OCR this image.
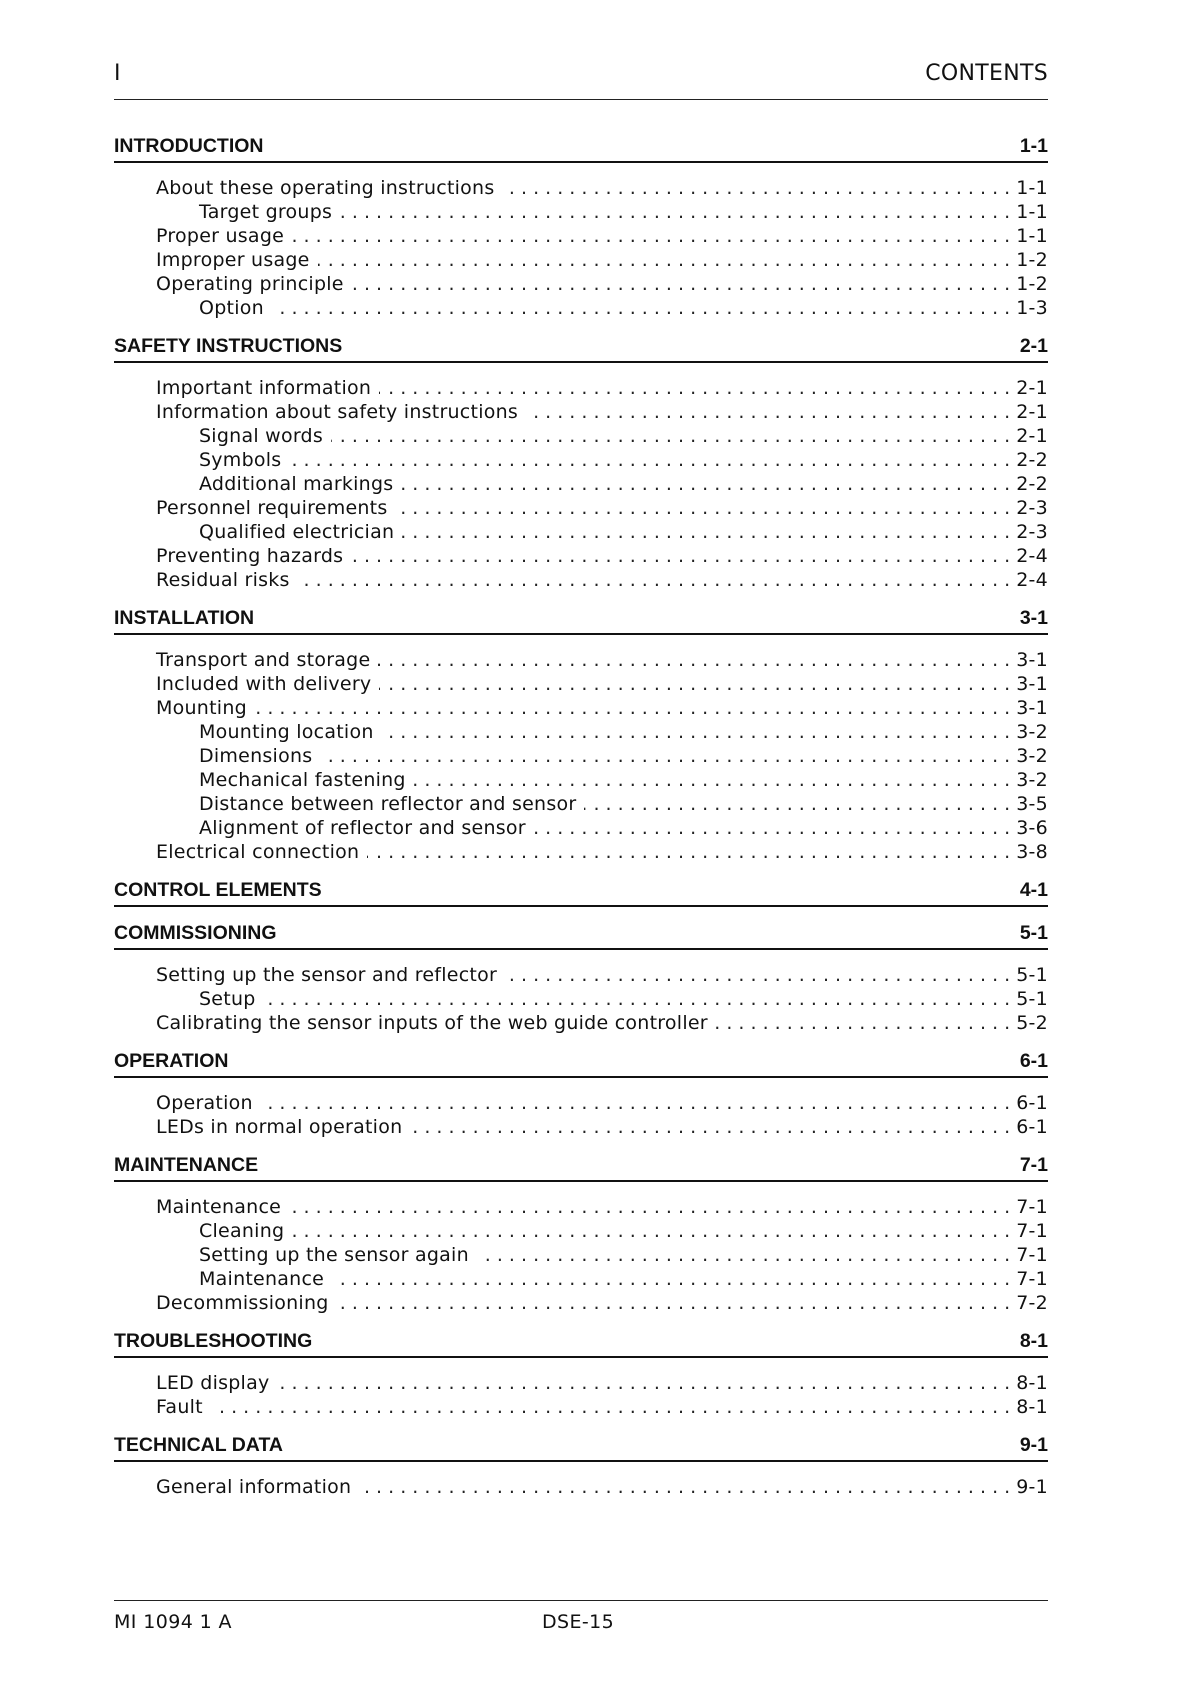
I	CONTENTS
INTRODUCTION	1-1
About these operating instructions . . .	1-1
Target groups . . .	1-1
Proper usage . . .	1-1
Improper usage . . .	1-2
Operating principle . . .	1-2
Option . . .	1-3
SAFETY INSTRUCTIONS	2-1
Important information . . .	2-1
Information about safety instructions . . .	2-1
Signal words . . .	2-1
Symbols . . .	2-2
Additional markings . . .	2-2
Personnel requirements . . .	2-3
Qualified electrician . . .	2-3
Preventing hazards . . .	2-4
Residual risks . . .	2-4
INSTALLATION	3-1
Transport and storage . . .	3-1
Included with delivery . . .	3-1
Mounting . . .	3-1
Mounting location . . .	3-2
Dimensions . . .	3-2
Mechanical fastening . . .	3-2
Distance between reflector and sensor . . .	3-5
Alignment of reflector and sensor . . .	3-6
Electrical connection . . .	3-8
CONTROL ELEMENTS	4-1
COMMISSIONING	5-1
Setting up the sensor and reflector . . .	5-1
Setup . . .	5-1
Calibrating the sensor inputs of the web guide controller . . .	5-2
OPERATION	6-1
Operation . . .	6-1
LEDs in normal operation . . .	6-1
MAINTENANCE	7-1
Maintenance . . .	7-1
Cleaning . . .	7-1
Setting up the sensor again . . .	7-1
Maintenance . . .	7-1
Decommissioning . . .	7-2
TROUBLESHOOTING	8-1
LED display . . .	8-1
Fault . . .	8-1
TECHNICAL DATA	9-1
General information . . .	9-1
MI 1094 1 A	DSE-15
